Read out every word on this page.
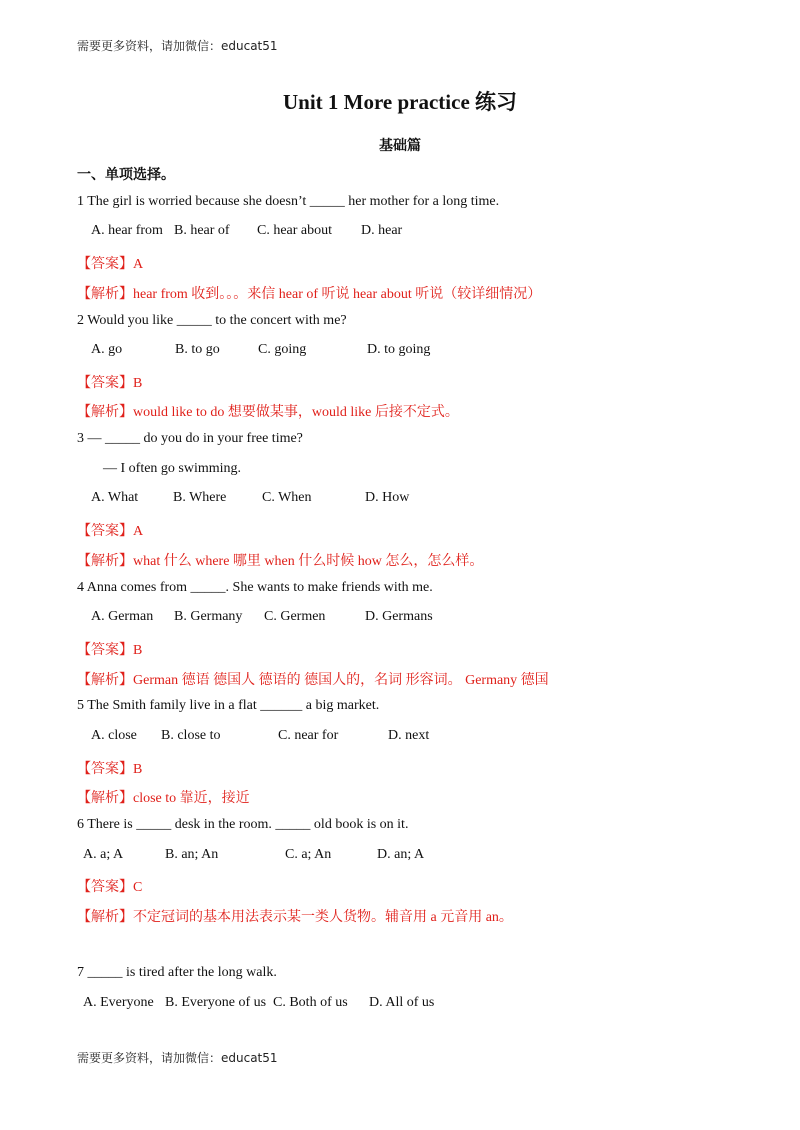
需要更多资料，请加微信：educat51
Unit 1 More practice 练习
基础篇
一、单项选择。
1 The girl is worried because she doesn’t _____ her mother for a long time.
A. hear from B. hear of C. hear about D. hear
【答案】A
【解析】hear from 收到。。。来信 hear of 听说 hear about 听说（较详细情况）
2 Would you like _____ to the concert with me?
A. go	B. to go	C. going	D. to going
【答案】B
【解析】would like to do 想要做某事，would like 后接不定式。
3 — _____ do you do in your free time?
— I often go swimming.
A. What B. Where	C. When	D. How
【答案】A
【解析】what 什么 where 哪里 when 什么时候 how 怎么，怎么样。
4 Anna comes from _____. She wants to make friends with me.
A. German B. Germany C. Germen	D. Germans
【答案】B
【解析】German 德语 德国人 德语的 德国人的，名词 形容词。 Germany 德国
5 The Smith family live in a flat ______ a big market.
A. close B. close to	C. near for	D. next
【答案】B
【解析】close to 靠近，接近
6 There is _____ desk in the room. _____ old book is on it.
A. a; A	B. an; An	C. a; An	D. an; A
【答案】C
【解析】不定冠词的基本用法表示某一类人货物。辅音用 a 元音用 an。
7 _____ is tired after the long walk.
A. Everyone B. Everyone of us C. Both of us D. All of us
需要更多资料，请加微信：educat51
